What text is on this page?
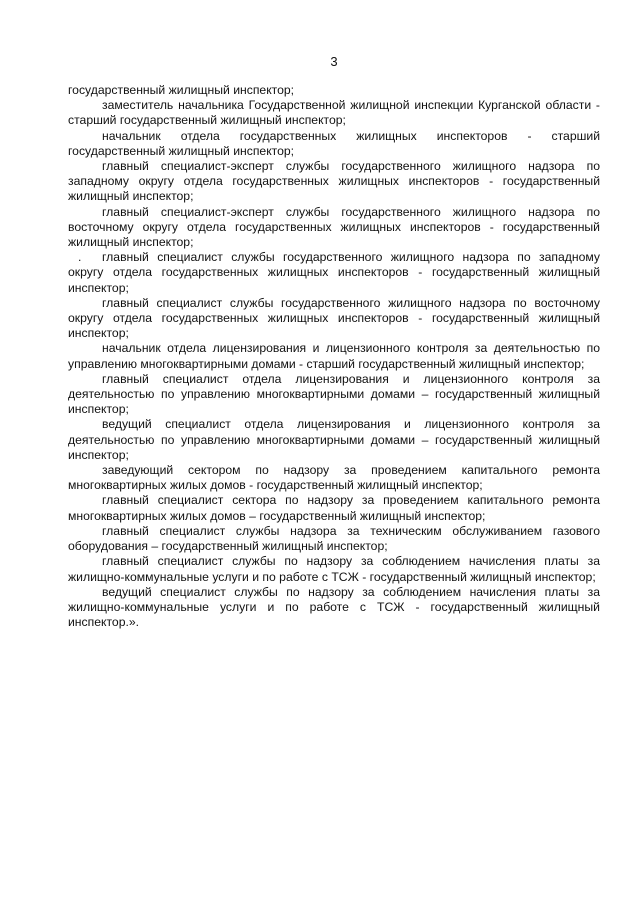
3

государственный жилищный инспектор;

заместитель начальника Государственной жилищной инспекции Курганской области - старший государственный жилищный инспектор;

начальник отдела государственных жилищных инспекторов - старший государственный жилищный инспектор;

главный специалист-эксперт службы государственного жилищного надзора по западному округу отдела государственных жилищных инспекторов - государственный жилищный инспектор;

главный специалист-эксперт службы государственного жилищного надзора по восточному округу отдела государственных жилищных инспекторов - государственный жилищный инспектор;

. главный специалист службы государственного жилищного надзора по западному округу отдела государственных жилищных инспекторов - государственный жилищный инспектор;

главный специалист службы государственного жилищного надзора по восточному округу отдела государственных жилищных инспекторов - государственный жилищный инспектор;

начальник отдела лицензирования и лицензионного контроля за деятельностью по управлению многоквартирными домами - старший государственный жилищный инспектор;

главный специалист отдела лицензирования и лицензионного контроля за деятельностью по управлению многоквартирными домами – государственный жилищный инспектор;

ведущий специалист отдела лицензирования и лицензионного контроля за деятельностью по управлению многоквартирными домами – государственный жилищный инспектор;

заведующий сектором по надзору за проведением капитального ремонта многоквартирных жилых домов - государственный жилищный инспектор;

главный специалист сектора по надзору за проведением капитального ремонта многоквартирных жилых домов – государственный жилищный инспектор;

главный специалист службы надзора за техническим обслуживанием газового оборудования – государственный жилищный инспектор;

главный специалист службы по надзору за соблюдением начисления платы за жилищно-коммунальные услуги и по работе с ТСЖ - государственный жилищный инспектор;

ведущий специалист службы по надзору за соблюдением начисления платы за жилищно-коммунальные услуги и по работе с ТСЖ - государственный жилищный инспектор.».
